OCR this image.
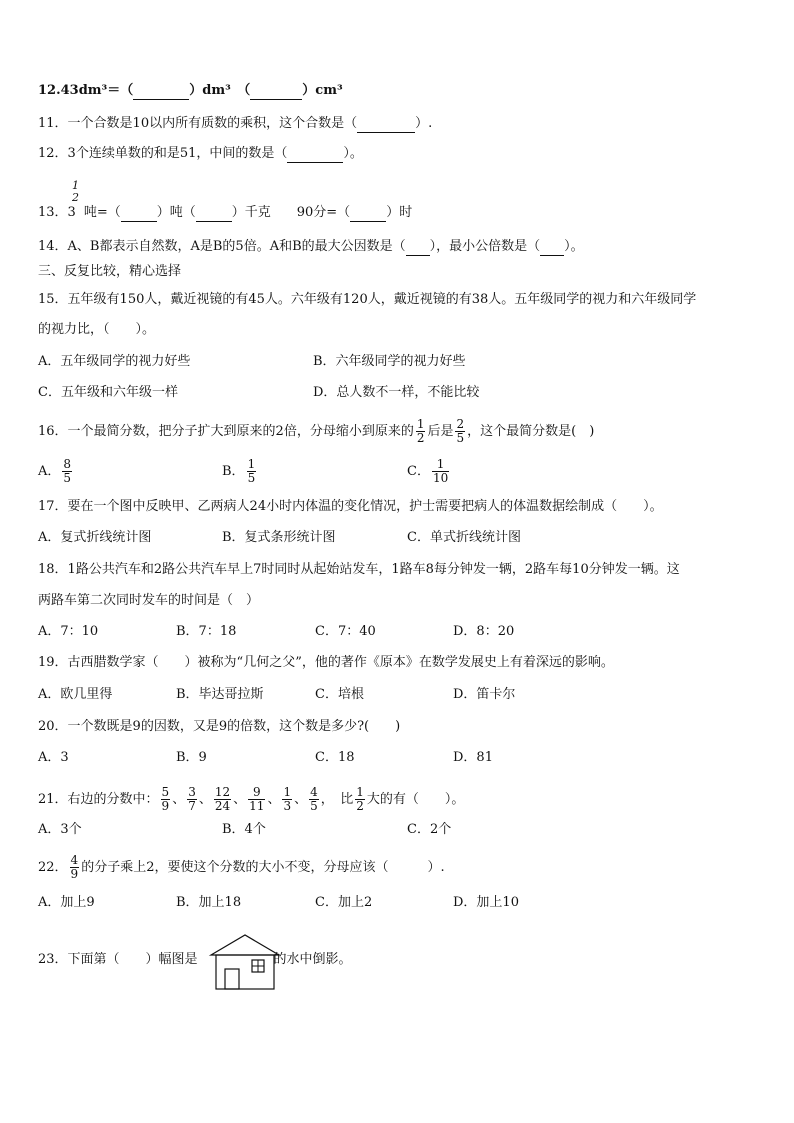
12.43dm³＝（	）dm³　（	）cm³
11．一个合数是10以内所有质数的乘积，这个合数是（	）.
12．3个连续单数的和是51，中间的数是（	）。
1
2
13．3 吨=（	）吨（	）千克　　90分=（	）时
14．A、B都表示自然数，A是B的5倍。A和B的最大公因数是（ ），最小公倍数是（ ）。
三、反复比较，精心选择
15．五年级有150人，戴近视镜的有45人。六年级有120人，戴近视镜的有38人。五年级同学的视力和六年级同学
的视力比，（　　）。
A．五年级同学的视力好些	B．六年级同学的视力好些
C．五年级和六年级一样	D．总人数不一样，不能比较
16．一个最简分数，把分子扩大到原来的2倍，分母缩小到原来的 $\frac{1}{2}$ 后是 $\frac{2}{5}$ ，这个最简分数是(　)
A． $\frac{8}{5}$	B． $\frac{1}{5}$	C． $\frac{1}{10}$
17．要在一个图中反映甲、乙两病人24小时内体温的变化情况，护士需要把病人的体温数据绘制成（　　）。
A．复式折线统计图	B．复式条形统计图	C．单式折线统计图
18．1路公共汽车和2路公共汽车早上7时同时从起始站发车，1路车8每分钟发一辆，2路车每10分钟发一辆。这
两路车第二次同时发车的时间是（　）
A．7：10	B．7：18	C．7：40	D．8：20
19．古西腊数学家（　　）被称为“几何之父”，他的著作《原本》在数学发展史上有着深远的影响。
A．欧几里得	B．毕达哥拉斯	C．培根	D．笛卡尔
20．一个数既是9的因数，又是9的倍数，这个数是多少?(　　)
A．3	B．9	C．18	D．81
21．右边的分数中： $\frac{5}{9}$ 、 $\frac{3}{7}$ 、 $\frac{12}{24}$ 、 $\frac{9}{11}$ 、 $\frac{1}{3}$ 、 $\frac{4}{5}$ ，　比 $\frac{1}{2}$ 大的有（　　）。
A．3个	B．4个	C．2个
22． $\frac{4}{9}$ 的分子乘上2，要使这个分数的大小不变，分母应该（　　　）.
A．加上9	B．加上18	C．加上2	D．加上10
23．下面第（　　）幅图是	的水中倒影。
